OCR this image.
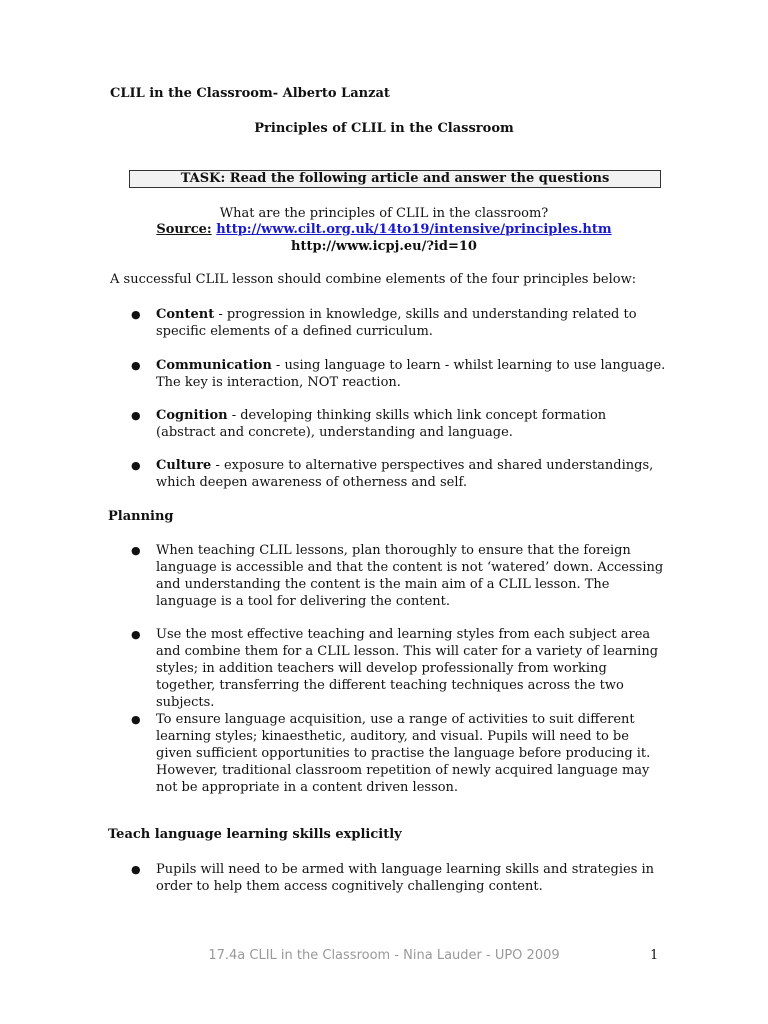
CLIL in the Classroom- Alberto Lanzat
Principles of CLIL in the Classroom
TASK: Read the following article and answer the questions
What are the principles of CLIL in the classroom?
Source: http://www.cilt.org.uk/14to19/intensive/principles.htm
http://www.icpj.eu/?id=10
A successful CLIL lesson should combine elements of the four principles below:
● Content - progression in knowledge, skills and understanding related to specific elements of a defined curriculum.
● Communication - using language to learn - whilst learning to use language. The key is interaction, NOT reaction.
● Cognition - developing thinking skills which link concept formation (abstract and concrete), understanding and language.
● Culture - exposure to alternative perspectives and shared understandings, which deepen awareness of otherness and self.
Planning
● When teaching CLIL lessons, plan thoroughly to ensure that the foreign language is accessible and that the content is not ‘watered’ down. Accessing and understanding the content is the main aim of a CLIL lesson. The language is a tool for delivering the content.
● Use the most effective teaching and learning styles from each subject area and combine them for a CLIL lesson. This will cater for a variety of learning styles; in addition teachers will develop professionally from working together, transferring the different teaching techniques across the two subjects.
● To ensure language acquisition, use a range of activities to suit different learning styles; kinaesthetic, auditory, and visual. Pupils will need to be given sufficient opportunities to practise the language before producing it. However, traditional classroom repetition of newly acquired language may not be appropriate in a content driven lesson.
Teach language learning skills explicitly
● Pupils will need to be armed with language learning skills and strategies in order to help them access cognitively challenging content.
17.4a CLIL in the Classroom - Nina Lauder - UPO 2009	1
